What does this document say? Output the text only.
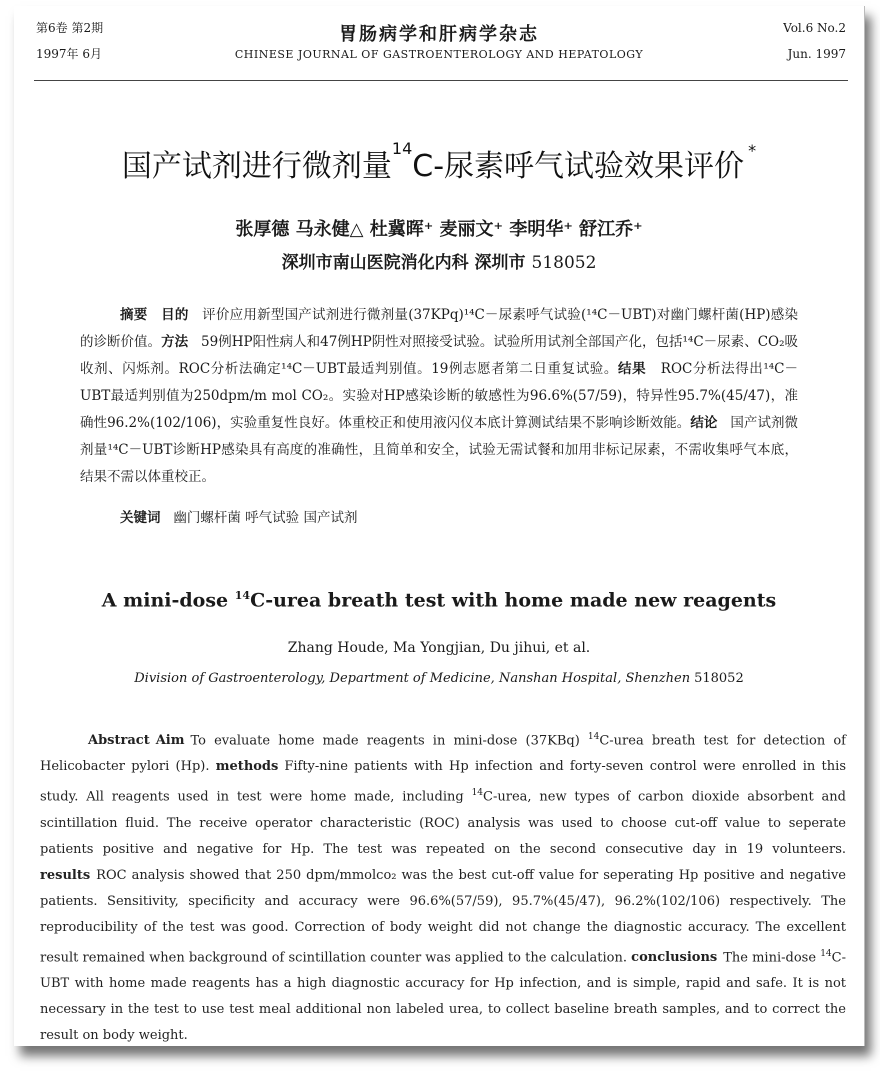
第6卷 第2期
1997年 6月
胃肠病学和肝病学杂志
CHINESE JOURNAL OF GASTROENTEROLOGY AND HEPATOLOGY
Vol.6 No.2
Jun. 1997
国产试剂进行微剂量$^{14}$C-尿素呼气试验效果评价 *
张厚德 马永健△ 杜冀晖⁺ 麦丽文⁺ 李明华⁺ 舒江乔⁺
深圳市南山医院消化内科 深圳市 518052
摘要 目的 评价应用新型国产试剂进行微剂量(37KPq)¹⁴C－尿素呼气试验(¹⁴C－UBT)对幽门螺杆菌(HP)感染的诊断价值。方法 59例HP阳性病人和47例HP阴性对照接受试验。试验所用试剂全部国产化，包括¹⁴C－尿素、CO₂吸收剂、闪烁剂。ROC分析法确定¹⁴C－UBT最适判别值。19例志愿者第二日重复试验。结果 ROC分析法得出¹⁴C－UBT最适判别值为250dpm/m mol CO₂。实验对HP感染诊断的敏感性为96.6%(57/59)，特异性95.7%(45/47)，准确性96.2%(102/106)，实验重复性良好。体重校正和使用液闪仪本底计算测试结果不影响诊断效能。结论 国产试剂微剂量¹⁴C－UBT诊断HP感染具有高度的准确性，且简单和安全，试验无需试餐和加用非标记尿素，不需收集呼气本底，结果不需以体重校正。
关键词 幽门螺杆菌 呼气试验 国产试剂
A mini-dose $^{14}$C-urea breath test with home made new reagents
Zhang Houde, Ma Yongjian, Du jihui, et al.
Division of Gastroenterology, Department of Medicine, Nanshan Hospital, Shenzhen 518052
Abstract Aim To evaluate home made reagents in mini-dose (37KBq) $^{14}$C-urea breath test for detection of Helicobacter pylori (Hp). methods Fifty-nine patients with Hp infection and forty-seven control were enrolled in this study. All reagents used in test were home made, including $^{14}$C-urea, new types of carbon dioxide absorbent and scintillation fluid. The receive operator characteristic (ROC) analysis was used to choose cut-off value to seperate patients positive and negative for Hp. The test was repeated on the second consecutive day in 19 volunteers. results ROC analysis showed that 250 dpm/mmolco₂ was the best cut-off value for seperating Hp positive and negative patients. Sensitivity, specificity and accuracy were 96.6%(57/59), 95.7%(45/47), 96.2%(102/106) respectively. The reproducibility of the test was good. Correction of body weight did not change the diagnostic accuracy. The excellent result remained when background of scintillation counter was applied to the calculation. conclusions The mini-dose $^{14}$C-UBT with home made reagents has a high diagnostic accuracy for Hp infection, and is simple, rapid and safe. It is not necessary in the test to use test meal additional non labeled urea, to collect baseline breath samples, and to correct the result on body weight.
